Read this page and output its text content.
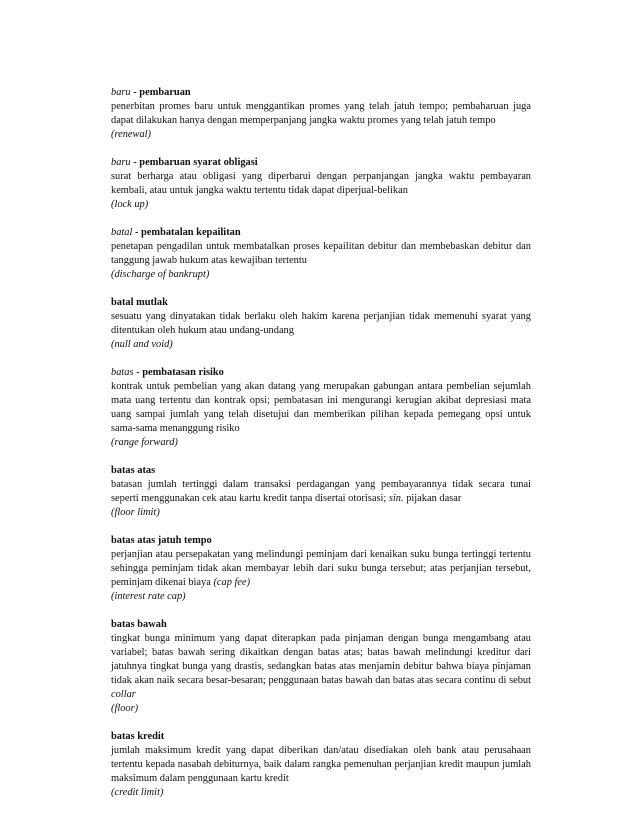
baru - pembaruan
penerbitan promes baru untuk menggantikan promes yang telah jatuh tempo; pembaharuan juga dapat dilakukan hanya dengan memperpanjang jangka waktu promes yang telah jatuh tempo
(renewal)
baru - pembaruan syarat obligasi
surat berharga atau obligasi yang diperbarui dengan perpanjangan jangka waktu pembayaran kembali, atau untuk jangka waktu tertentu tidak dapat diperjual-belikan
(lock up)
batal - pembatalan kepailitan
penetapan pengadilan untuk membatalkan proses kepailitan debitur dan membebaskan debitur dan tanggung jawab hukum atas kewajiban tertentu
(discharge of bankrupt)
batal mutlak
sesuatu yang dinyatakan tidak berlaku oleh hakim karena perjanjian tidak memenuhi syarat yang ditentukan oleh hukum atau undang-undang
(null and void)
batas - pembatasan risiko
kontrak untuk pembelian yang akan datang yang merupakan gabungan antara pembelian sejumlah mata uang tertentu dan kontrak opsi; pembatasan ini mengurangi kerugian akibat depresiasi mata uang sampai jumlah yang telah disetujui dan memberikan pilihan kepada pemegang opsi untuk sama-sama menanggung risiko
(range forward)
batas atas
batasan jumlah tertinggi dalam transaksi perdagangan yang pembayarannya tidak secara tunai seperti menggunakan cek atau kartu kredit tanpa disertai otorisasi; sin. pijakan dasar
(floor limit)
batas atas jatuh tempo
perjanjian atau persepakatan yang melindungi peminjam dari kenaikan suku bunga tertinggi tertentu sehingga peminjam tidak akan membayar lebih dari suku bunga tersebut; atas perjanjian tersebut, peminjam dikenai biaya (cap fee)
(interest rate cap)
batas bawah
tingkat bunga minimum yang dapat diterapkan pada pinjaman dengan bunga mengambang atau variabel; batas bawah sering dikaitkan dengan batas atas; batas bawah melindungi kreditur dari jatuhnya tingkat bunga yang drastis, sedangkan batas atas menjamin debitur bahwa biaya pinjaman tidak akan naik secara besar-besaran; penggunaan batas bawah dan batas atas secara continu di sebut collar
(floor)
batas kredit
jumlah maksimum kredit yang dapat diberikan dan/atau disediakan oleh bank atau perusahaan tertentu kepada nasabah debiturnya, baik dalam rangka pemenuhan perjanjian kredit maupun jumlah maksimum dalam penggunaan kartu kredit
(credit limit)
